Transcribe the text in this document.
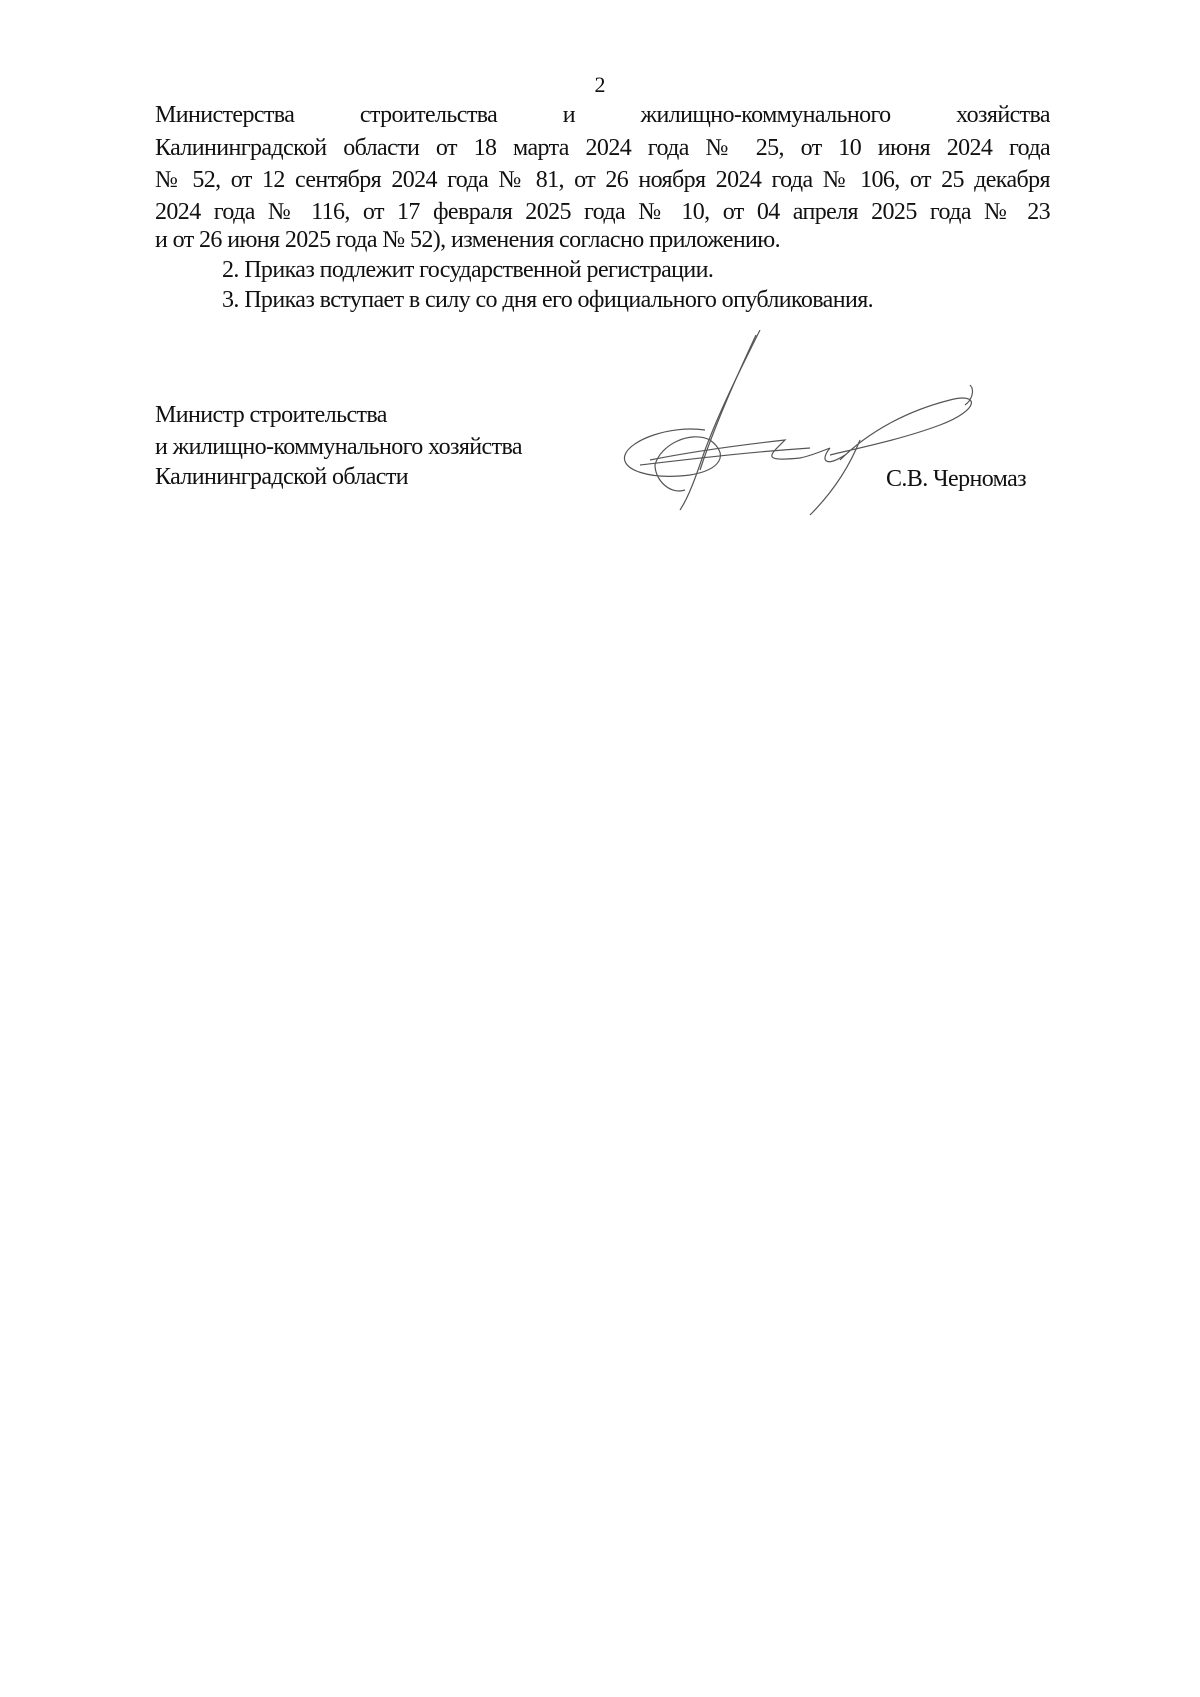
2
Министерства строительства и жилищно-коммунального хозяйства
Калининградской области от 18 марта 2024 года № 25, от 10 июня 2024 года
№ 52, от 12 сентября 2024 года № 81, от 26 ноября 2024 года № 106, от 25 декабря
2024 года № 116, от 17 февраля 2025 года № 10, от 04 апреля 2025 года № 23
и от 26 июня 2025 года № 52), изменения согласно приложению.
2. Приказ подлежит государственной регистрации.
3. Приказ вступает в силу со дня его официального опубликования.
Министр строительства
и жилищно-коммунального хозяйства
Калининградской области	С.В. Черномаз
